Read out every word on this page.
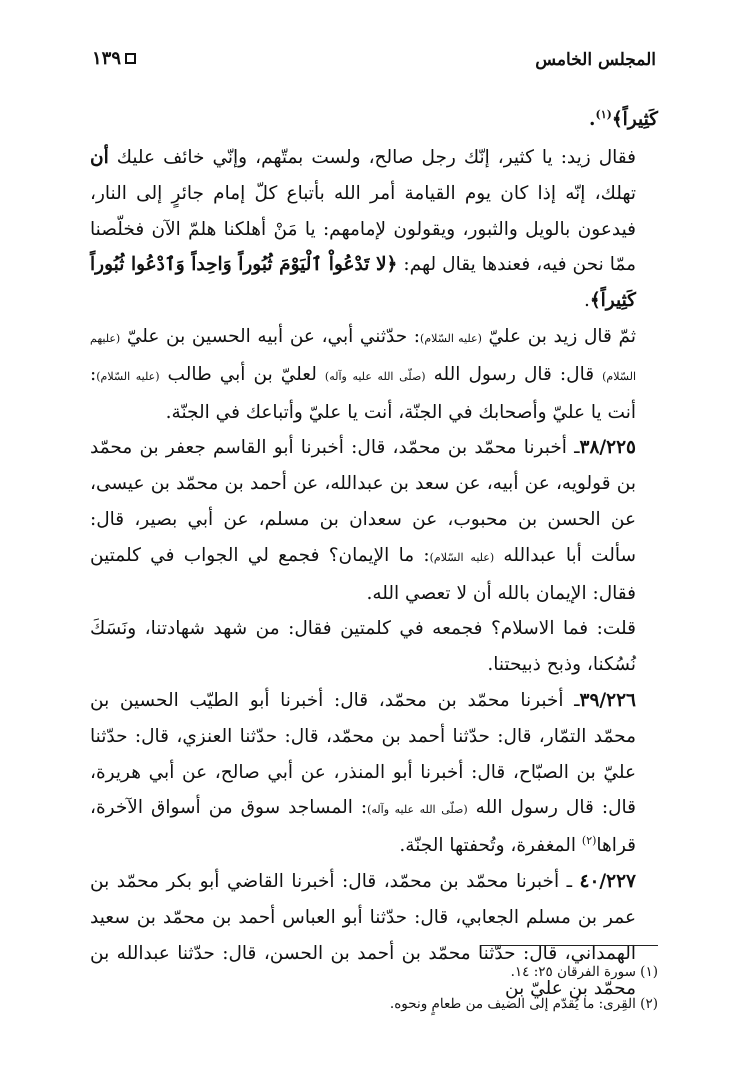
المجلس الخامس
١٣٩

كَثِيراً﴾$^{(١)}$.

فقال زيد: يا كثير، إنّك رجل صالح، ولست بمتّهم، وإنّي خائف عليك أن تهلك، إنّه إذا كان يوم القيامة أمر الله بأتباع كلّ إمام جائرٍ إلى النار، فيدعون بالويل والثبور، ويقولون لإمامهم: يا مَنْ أهلكنا هلمّ الآن فخلّصنا ممّا نحن فيه، فعندها يقال لهم: ﴿لا تَدْعُواْ ٱلْيَوْمَ ثُبُوراً وَاحِداً وَٱدْعُوا ثُبُوراً كَثِيراً﴾.

ثمّ قال زيد بن عليّ (عليه السّلام): حدّثني أبي، عن أبيه الحسين بن عليّ (عليهم السّلام) قال: قال رسول الله (صلّى الله عليه وآله) لعليّ بن أبي طالب (عليه السّلام): أنت يا عليّ وأصحابك في الجنّة، أنت يا عليّ وأتباعك في الجنّة.

٣٨/٢٢٥ـ أخبرنا محمّد بن محمّد، قال: أخبرنا أبو القاسم جعفر بن محمّد بن قولويه، عن أبيه، عن سعد بن عبدالله، عن أحمد بن محمّد بن عيسى، عن الحسن بن محبوب، عن سعدان بن مسلم، عن أبي بصير، قال: سألت أبا عبدالله (عليه السّلام): ما الإيمان؟ فجمع لي الجواب في كلمتين فقال: الإيمان بالله أن لا تعصي الله.

قلت: فما الاسلام؟ فجمعه في كلمتين فقال: من شهد شهادتنا، ونَسَكَ نُسُكنا، وذبح ذبيحتنا.

٣٩/٢٢٦ـ أخبرنا محمّد بن محمّد، قال: أخبرنا أبو الطيّب الحسين بن محمّد التمّار، قال: حدّثنا أحمد بن محمّد، قال: حدّثنا العنزي، قال: حدّثنا عليّ بن الصبّاح، قال: أخبرنا أبو المنذر، عن أبي صالح، عن أبي هريرة، قال: قال رسول الله (صلّى الله عليه وآله): المساجد سوق من أسواق الآخرة، قراها$^{(٢)}$ المغفرة، وتُحفتها الجنّة.

٤٠/٢٢٧ ـ أخبرنا محمّد بن محمّد، قال: أخبرنا القاضي أبو بكر محمّد بن عمر بن مسلم الجعابي، قال: حدّثنا أبو العباس أحمد بن محمّد بن سعيد الهمداني، قال: حدّثنا محمّد بن أحمد بن الحسن، قال: حدّثنا عبدالله بن محمّد بن عليّ بن

(١) سورة الفرقان ٢٥: ١٤.

(٢) القِرى: ما يُقدّم إلى الضيف من طعامٍ ونحوه.
